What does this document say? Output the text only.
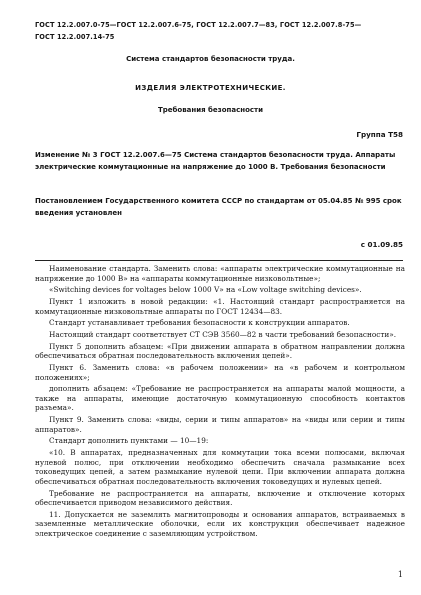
ГОСТ 12.2.007.0-75—ГОСТ 12.2.007.6-75, ГОСТ 12.2.007.7—83, ГОСТ 12.2.007.8-75—
ГОСТ 12.2.007.14-75
Система стандартов безопасности труда.
ИЗДЕЛИЯ ЭЛЕКТРОТЕХНИЧЕСКИЕ.
Требования безопасности
Группа Т58
Изменение № 3 ГОСТ 12.2.007.6—75 Система стандартов безопасности труда. Аппараты электрические коммутационные на напряжение до 1000 В. Требования безопасности
Постановлением Государственного комитета СССР по стандартам от 05.04.85 № 995 срок введения установлен
с 01.09.85

Наименование стандарта. Заменить слова: «аппараты электрические коммутационные на напряжение до 1000 В» на «аппараты коммутационные низковольтные»;

«Switching devices for voltages below 1000 V» на «Low voltage switching devices».

Пункт 1 изложить в новой редакции: «1. Настоящий стандарт распространяется на коммутационные низковольтные аппараты по ГОСТ 12434—83.

Стандарт устанавливает требования безопасности к конструкции аппаратов.

Настоящий стандарт соответствует СТ СЭВ 3560—82 в части требований безопасности».

Пункт 5 дополнить абзацем: «При движении аппарата в обратном направлении должна обеспечиваться обратная последовательность включения цепей».

Пункт 6. Заменить слова: «в рабочем положении» на «в рабочем и контрольном положениях»;

дополнить абзацем: «Требование не распространяется на аппараты малой мощности, а также на аппараты, имеющие достаточную коммутационную способность контактов разъема».

Пункт 9. Заменить слова: «виды, серии и типы аппаратов» на «виды или серии и типы аппаратов».

Стандарт дополнить пунктами — 10—19:

«10. В аппаратах, предназначенных для коммутации тока всеми полюсами, включая нулевой полюс, при отключении необходимо обеспечить сначала размыкание всех токоведущих цепей, а затем размыкание нулевой цепи. При включении аппарата должна обеспечиваться обратная последовательность включения токоведущих и нулевых цепей.

Требование не распространяется на аппараты, включение и отключение которых обеспечивается приводом независимого действия.

11. Допускается не заземлять магнитопроводы и основания аппаратов, встраиваемых в заземленные металлические оболочки, если их конструкция обеспечивает надежное электрическое соединение с заземляющим устройством.

1
